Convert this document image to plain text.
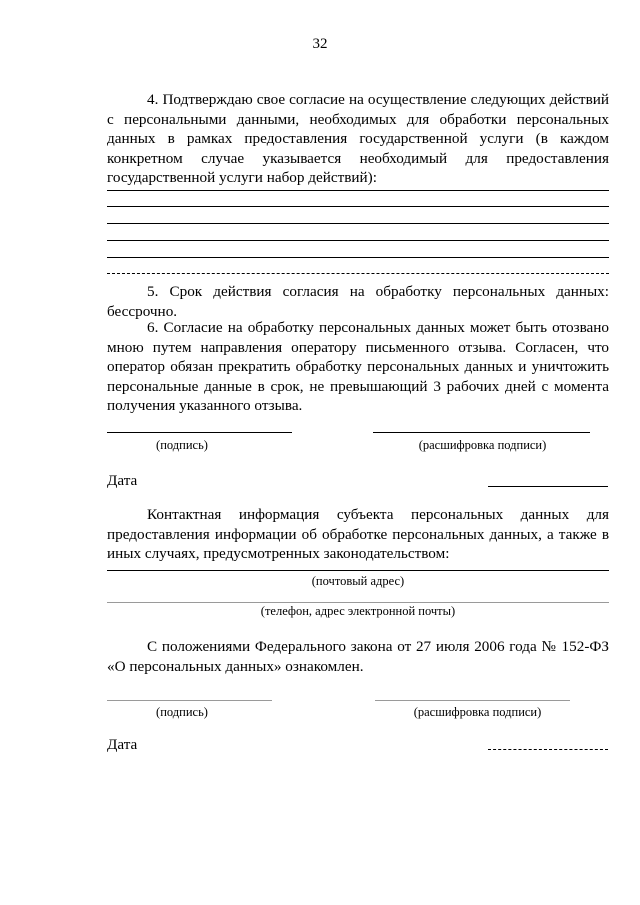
32
4. Подтверждаю свое согласие на осуществление следующих действий с персональными данными, необходимых для обработки персональных данных в рамках предоставления государственной услуги (в каждом конкретном случае указывается необходимый для предоставления государственной услуги набор действий):
5. Срок действия согласия на обработку персональных данных: бессрочно.
6. Согласие на обработку персональных данных может быть отозвано мною путем направления оператору письменного отзыва. Согласен, что оператор обязан прекратить обработку персональных данных и уничтожить персональные данные в срок, не превышающий 3 рабочих дней с момента получения указанного отзыва.
(подпись)	(расшифровка подписи)
Дата
Контактная информация субъекта персональных данных для предоставления информации об обработке персональных данных, а также в иных случаях, предусмотренных законодательством:
(почтовый адрес)
(телефон, адрес электронной почты)
С положениями Федерального закона от 27 июля 2006 года № 152-ФЗ «О персональных данных» ознакомлен.
(подпись)	(расшифровка подписи)
Дата
